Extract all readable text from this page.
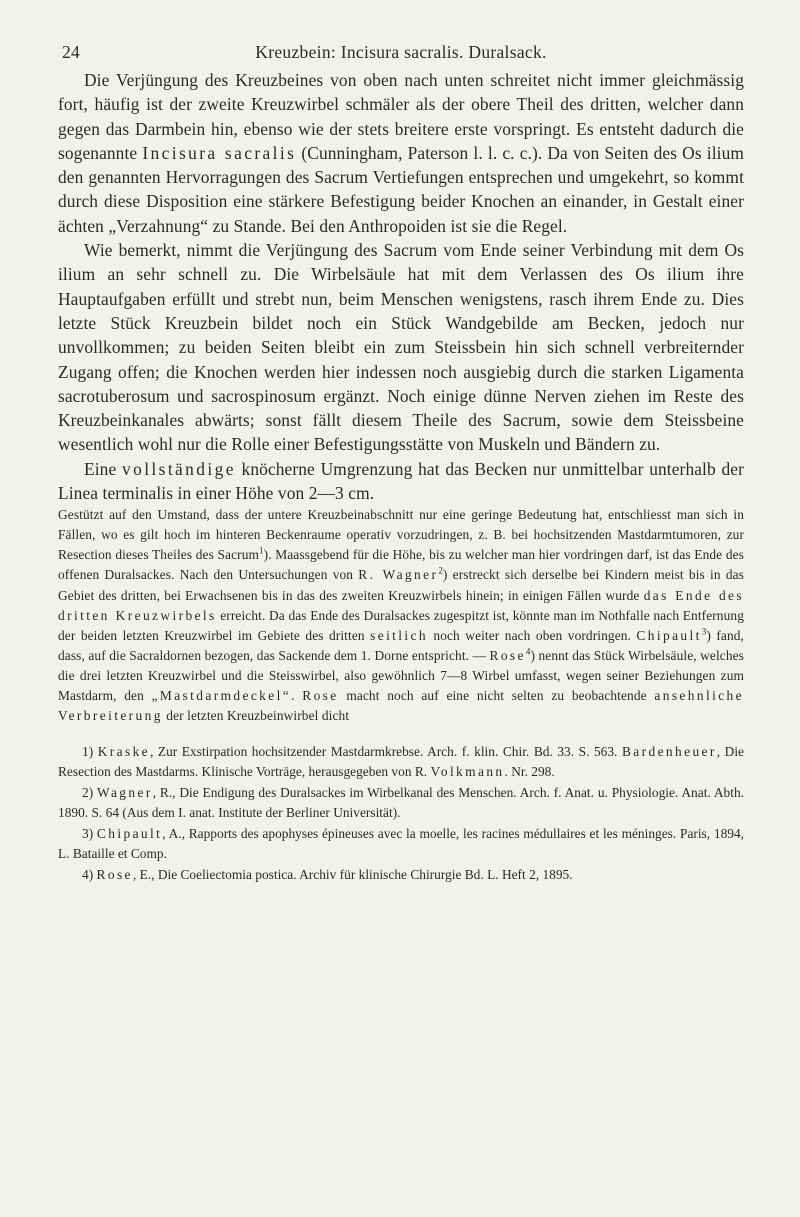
24	Kreuzbein: Incisura sacralis. Duralsack.

Die Verjüngung des Kreuzbeines von oben nach unten schreitet nicht immer gleichmässig fort, häufig ist der zweite Kreuzwirbel schmäler als der obere Theil des dritten, welcher dann gegen das Darmbein hin, ebenso wie der stets breitere erste vorspringt. Es entsteht dadurch die sogenannte Incisura sacralis (Cunningham, Paterson l. l. c. c.). Da von Seiten des Os ilium den genannten Hervorragungen des Sacrum Vertiefungen entsprechen und umgekehrt, so kommt durch diese Disposition eine stärkere Befestigung beider Knochen an einander, in Gestalt einer ächten „Verzahnung“ zu Stande. Bei den Anthropoiden ist sie die Regel.

Wie bemerkt, nimmt die Verjüngung des Sacrum vom Ende seiner Verbindung mit dem Os ilium an sehr schnell zu. Die Wirbelsäule hat mit dem Verlassen des Os ilium ihre Hauptaufgaben erfüllt und strebt nun, beim Menschen wenigstens, rasch ihrem Ende zu. Dies letzte Stück Kreuzbein bildet noch ein Stück Wandgebilde am Becken, jedoch nur unvollkommen; zu beiden Seiten bleibt ein zum Steissbein hin sich schnell verbreiternder Zugang offen; die Knochen werden hier indessen noch ausgiebig durch die starken Ligamenta sacrotuberosum und sacrospinosum ergänzt. Noch einige dünne Nerven ziehen im Reste des Kreuzbeinkanales abwärts; sonst fällt diesem Theile des Sacrum, sowie dem Steissbeine wesentlich wohl nur die Rolle einer Befestigungsstätte von Muskeln und Bändern zu.

Eine vollständige knöcherne Umgrenzung hat das Becken nur unmittelbar unterhalb der Linea terminalis in einer Höhe von 2—3 cm.

Gestützt auf den Umstand, dass der untere Kreuzbeinabschnitt nur eine geringe Bedeutung hat, entschliesst man sich in Fällen, wo es gilt hoch im hinteren Beckenraume operativ vorzudringen, z. B. bei hochsitzenden Mastdarmtumoren, zur Resection dieses Theiles des Sacrum$^1$). Maassgebend für die Höhe, bis zu welcher man hier vordringen darf, ist das Ende des offenen Duralsackes. Nach den Untersuchungen von R. Wagner$^2$) erstreckt sich derselbe bei Kindern meist bis in das Gebiet des dritten, bei Erwachsenen bis in das des zweiten Kreuzwirbels hinein; in einigen Fällen wurde das Ende des dritten Kreuzwirbels erreicht. Da das Ende des Duralsackes zugespitzt ist, könnte man im Nothfalle nach Entfernung der beiden letzten Kreuzwirbel im Gebiete des dritten seitlich noch weiter nach oben vordringen. Chipault$^3$) fand, dass, auf die Sacraldornen bezogen, das Sackende dem 1. Dorne entspricht. — Rose$^4$) nennt das Stück Wirbelsäule, welches die drei letzten Kreuzwirbel und die Steisswirbel, also gewöhnlich 7—8 Wirbel umfasst, wegen seiner Beziehungen zum Mastdarm, den „Mastdarmdeckel“. Rose macht noch auf eine nicht selten zu beobachtende ansehnliche Verbreiterung der letzten Kreuzbeinwirbel dicht

1) Kraske, Zur Exstirpation hochsitzender Mastdarmkrebse. Arch. f. klin. Chir. Bd. 33. S. 563. Bardenheuer, Die Resection des Mastdarms. Klinische Vorträge, herausgegeben von R. Volkmann. Nr. 298.

2) Wagner, R., Die Endigung des Duralsackes im Wirbelkanal des Menschen. Arch. f. Anat. u. Physiologie. Anat. Abth. 1890. S. 64 (Aus dem I. anat. Institute der Berliner Universität).

3) Chipault, A., Rapports des apophyses épineuses avec la moelle, les racines médullaires et les méninges. Paris, 1894, L. Bataille et Comp.

4) Rose, E., Die Coeliectomia postica. Archiv für klinische Chirurgie Bd. L. Heft 2, 1895.
